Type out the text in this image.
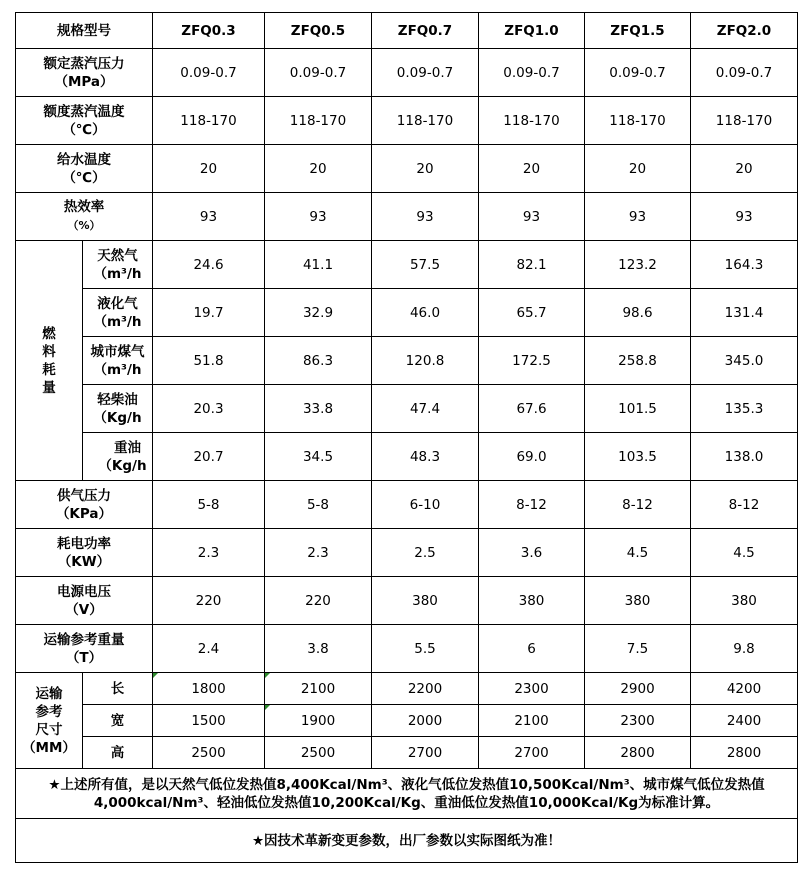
规格型号		ZFQ0.3	ZFQ0.5	ZFQ0.7	ZFQ1.0	ZFQ1.5	ZFQ2.0
额定蒸汽压力
（MPa）		0.09-0.7	0.09-0.7	0.09-0.7	0.09-0.7	0.09-0.7	0.09-0.7
额度蒸汽温度
（℃）		118-170	118-170	118-170	118-170	118-170	118-170
给水温度
（℃）		20	20	20	20	20	20
热效率
（%）		93	93	93	93	93	93
燃
料
耗
量	天然气
（m³/h	24.6	41.1	57.5	82.1	123.2	164.3
	液化气
（m³/h	19.7	32.9	46.0	65.7	98.6	131.4
	城市煤气
（m³/h	51.8	86.3	120.8	172.5	258.8	345.0
	轻柴油
（Kg/h	20.3	33.8	47.4	67.6	101.5	135.3
	重油
（Kg/h	20.7	34.5	48.3	69.0	103.5	138.0
供气压力
（KPa）		5-8	5-8	6-10	8-12	8-12	8-12
耗电功率
（KW）		2.3	2.3	2.5	3.6	4.5	4.5
电源电压
（V）		220	220	380	380	380	380
运输参考重量
（T）		2.4	3.8	5.5	6	7.5	9.8
运输
参考
尺寸
（MM）	长	1800	2100	2200	2300	2900	4200
	宽	1500	1900	2000	2100	2300	2400
	高	2500	2500	2700	2700	2800	2800
★上述所有值，是以天然气低位发热值8,400Kcal/Nm³、液化气低位发热值10,500Kcal/Nm³、城市煤气低位发热值4,000kcal/Nm³、轻油低位发热值10,200Kcal/Kg、重油低位发热值10,000Kcal/Kg为标准计算。							
★因技术革新变更参数，出厂参数以实际图纸为准！							
